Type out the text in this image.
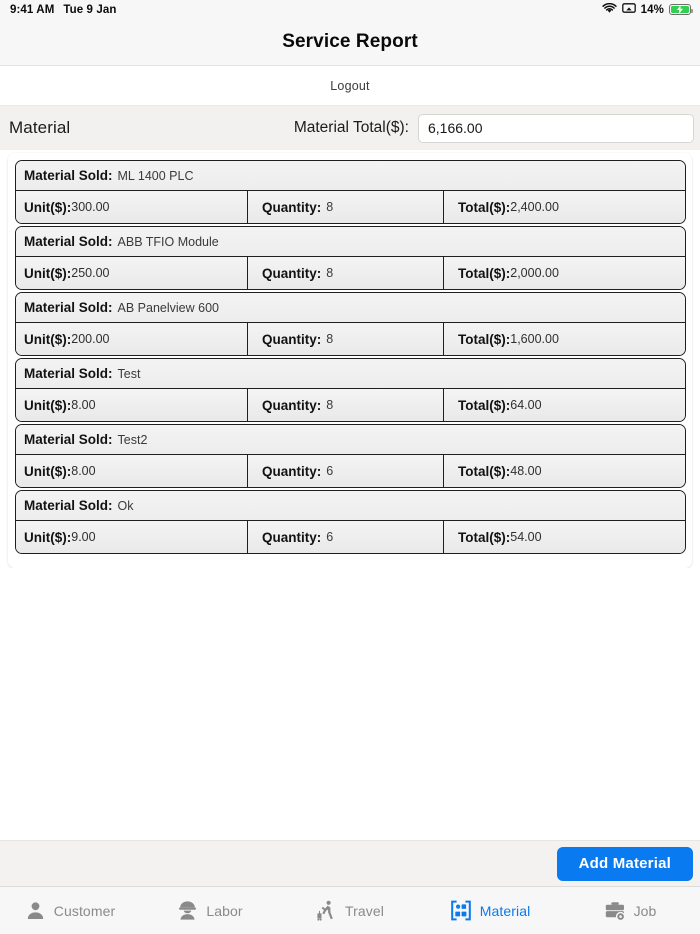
9:41 AM Tue 9 Jan	14%
Service Report
Logout
Material	Material Total($):
6,166.00
Material Sold: ML 1400 PLC
Unit($): 300.00	Quantity: 8	Total($): 2,400.00
Material Sold: ABB TFIO Module
Unit($): 250.00	Quantity: 8	Total($): 2,000.00
Material Sold: AB Panelview 600
Unit($): 200.00	Quantity: 8	Total($): 1,600.00
Material Sold: Test
Unit($): 8.00	Quantity: 8	Total($): 64.00
Material Sold: Test2
Unit($): 8.00	Quantity: 6	Total($): 48.00
Material Sold: Ok
Unit($): 9.00	Quantity: 6	Total($): 54.00
Add Material
Customer	Labor	Travel	Material	Job
